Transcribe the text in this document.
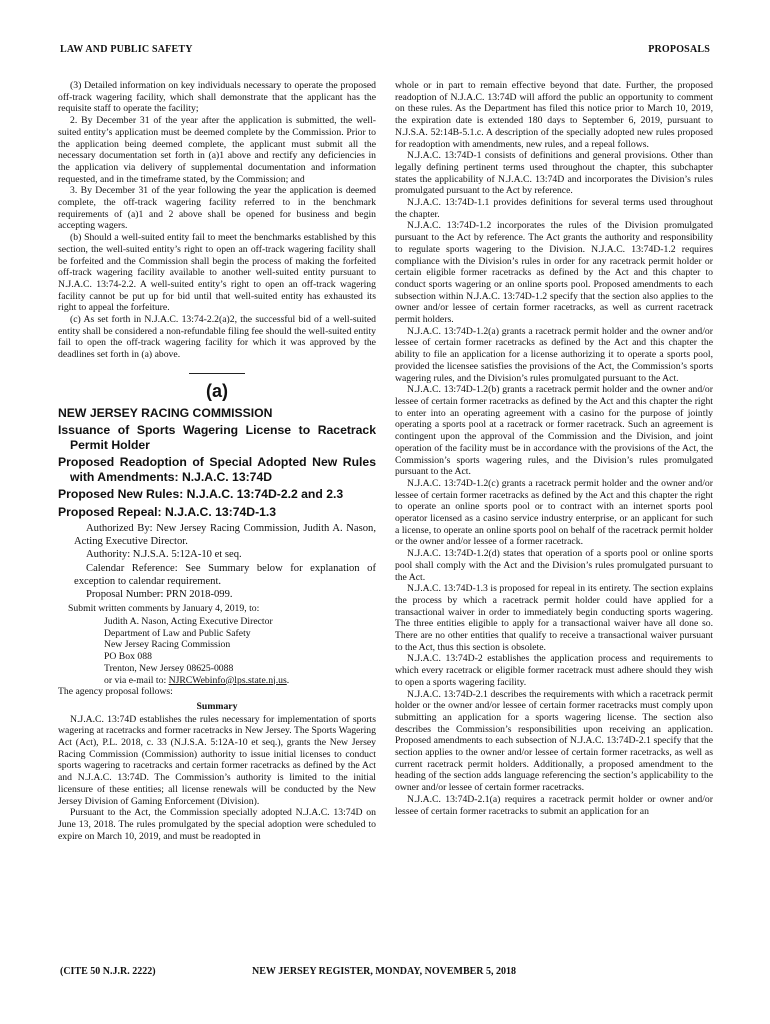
LAW AND PUBLIC SAFETY	PROPOSALS

(3) Detailed information on key individuals necessary to operate the proposed off-track wagering facility, which shall demonstrate that the applicant has the requisite staff to operate the facility;

2. By December 31 of the year after the application is submitted, the well-suited entity’s application must be deemed complete by the Commission. Prior to the application being deemed complete, the applicant must submit all the necessary documentation set forth in (a)1 above and rectify any deficiencies in the application via delivery of supplemental documentation and information requested, and in the timeframe stated, by the Commission; and

3. By December 31 of the year following the year the application is deemed complete, the off-track wagering facility referred to in the benchmark requirements of (a)1 and 2 above shall be opened for business and begin accepting wagers.

(b) Should a well-suited entity fail to meet the benchmarks established by this section, the well-suited entity’s right to open an off-track wagering facility shall be forfeited and the Commission shall begin the process of making the forfeited off-track wagering facility available to another well-suited entity pursuant to N.J.A.C. 13:74-2.2. A well-suited entity’s right to open an off-track wagering facility cannot be put up for bid until that well-suited entity has exhausted its right to appeal the forfeiture.

(c) As set forth in N.J.A.C. 13:74-2.2(a)2, the successful bid of a well-suited entity shall be considered a non-refundable filing fee should the well-suited entity fail to open the off-track wagering facility for which it was approved by the deadlines set forth in (a) above.

(a)
NEW JERSEY RACING COMMISSION
Issuance of Sports Wagering License to Racetrack Permit Holder
Proposed Readoption of Special Adopted New Rules with Amendments: N.J.A.C. 13:74D
Proposed New Rules: N.J.A.C. 13:74D-2.2 and 2.3
Proposed Repeal: N.J.A.C. 13:74D-1.3

Authorized By: New Jersey Racing Commission, Judith A. Nason, Acting Executive Director.

Authority: N.J.S.A. 5:12A-10 et seq.

Calendar Reference: See Summary below for explanation of exception to calendar requirement.

Proposal Number: PRN 2018-099.

Submit written comments by January 4, 2019, to:
Judith A. Nason, Acting Executive Director
Department of Law and Public Safety
New Jersey Racing Commission
PO Box 088
Trenton, New Jersey 08625-0088
or via e-mail to: NJRCWebinfo@lps.state.nj.us.

The agency proposal follows:

Summary

N.J.A.C. 13:74D establishes the rules necessary for implementation of sports wagering at racetracks and former racetracks in New Jersey. The Sports Wagering Act (Act), P.L. 2018, c. 33 (N.J.S.A. 5:12A-10 et seq.), grants the New Jersey Racing Commission (Commission) authority to issue initial licenses to conduct sports wagering to racetracks and certain former racetracks as defined by the Act and N.J.A.C. 13:74D. The Commission’s authority is limited to the initial licensure of these entities; all license renewals will be conducted by the New Jersey Division of Gaming Enforcement (Division).

Pursuant to the Act, the Commission specially adopted N.J.A.C. 13:74D on June 13, 2018. The rules promulgated by the special adoption were scheduled to expire on March 10, 2019, and must be readopted in

whole or in part to remain effective beyond that date. Further, the proposed readoption of N.J.A.C. 13:74D will afford the public an opportunity to comment on these rules. As the Department has filed this notice prior to March 10, 2019, the expiration date is extended 180 days to September 6, 2019, pursuant to N.J.S.A. 52:14B-5.1.c. A description of the specially adopted new rules proposed for readoption with amendments, new rules, and a repeal follows.

N.J.A.C. 13:74D-1 consists of definitions and general provisions. Other than legally defining pertinent terms used throughout the chapter, this subchapter states the applicability of N.J.A.C. 13:74D and incorporates the Division’s rules promulgated pursuant to the Act by reference.

N.J.A.C. 13:74D-1.1 provides definitions for several terms used throughout the chapter.

N.J.A.C. 13:74D-1.2 incorporates the rules of the Division promulgated pursuant to the Act by reference. The Act grants the authority and responsibility to regulate sports wagering to the Division. N.J.A.C. 13:74D-1.2 requires compliance with the Division’s rules in order for any racetrack permit holder or certain eligible former racetracks as defined by the Act and this chapter to conduct sports wagering or an online sports pool. Proposed amendments to each subsection within N.J.A.C. 13:74D-1.2 specify that the section also applies to the owner and/or lessee of certain former racetracks, as well as current racetrack permit holders.

N.J.A.C. 13:74D-1.2(a) grants a racetrack permit holder and the owner and/or lessee of certain former racetracks as defined by the Act and this chapter the ability to file an application for a license authorizing it to operate a sports pool, provided the licensee satisfies the provisions of the Act, the Commission’s sports wagering rules, and the Division’s rules promulgated pursuant to the Act.

N.J.A.C. 13:74D-1.2(b) grants a racetrack permit holder and the owner and/or lessee of certain former racetracks as defined by the Act and this chapter the right to enter into an operating agreement with a casino for the purpose of jointly operating a sports pool at a racetrack or former racetrack. Such an agreement is contingent upon the approval of the Commission and the Division, and joint operation of the facility must be in accordance with the provisions of the Act, the Commission’s sports wagering rules, and the Division’s rules promulgated pursuant to the Act.

N.J.A.C. 13:74D-1.2(c) grants a racetrack permit holder and the owner and/or lessee of certain former racetracks as defined by the Act and this chapter the right to operate an online sports pool or to contract with an internet sports pool operator licensed as a casino service industry enterprise, or an applicant for such a license, to operate an online sports pool on behalf of the racetrack permit holder or the owner and/or lessee of a former racetrack.

N.J.A.C. 13:74D-1.2(d) states that operation of a sports pool or online sports pool shall comply with the Act and the Division’s rules promulgated pursuant to the Act.

N.J.A.C. 13:74D-1.3 is proposed for repeal in its entirety. The section explains the process by which a racetrack permit holder could have applied for a transactional waiver in order to immediately begin conducting sports wagering. The three entities eligible to apply for a transactional waiver have all done so. There are no other entities that qualify to receive a transactional waiver pursuant to the Act, thus this section is obsolete.

N.J.A.C. 13:74D-2 establishes the application process and requirements to which every racetrack or eligible former racetrack must adhere should they wish to open a sports wagering facility.

N.J.A.C. 13:74D-2.1 describes the requirements with which a racetrack permit holder or the owner and/or lessee of certain former racetracks must comply upon submitting an application for a sports wagering license. The section also describes the Commission’s responsibilities upon receiving an application. Proposed amendments to each subsection of N.J.A.C. 13:74D-2.1 specify that the section applies to the owner and/or lessee of certain former racetracks, as well as current racetrack permit holders. Additionally, a proposed amendment to the heading of the section adds language referencing the section’s applicability to the owner and/or lessee of certain former racetracks.

N.J.A.C. 13:74D-2.1(a) requires a racetrack permit holder or owner and/or lessee of certain former racetracks to submit an application for an

(CITE 50 N.J.R. 2222)	NEW JERSEY REGISTER, MONDAY, NOVEMBER 5, 2018
